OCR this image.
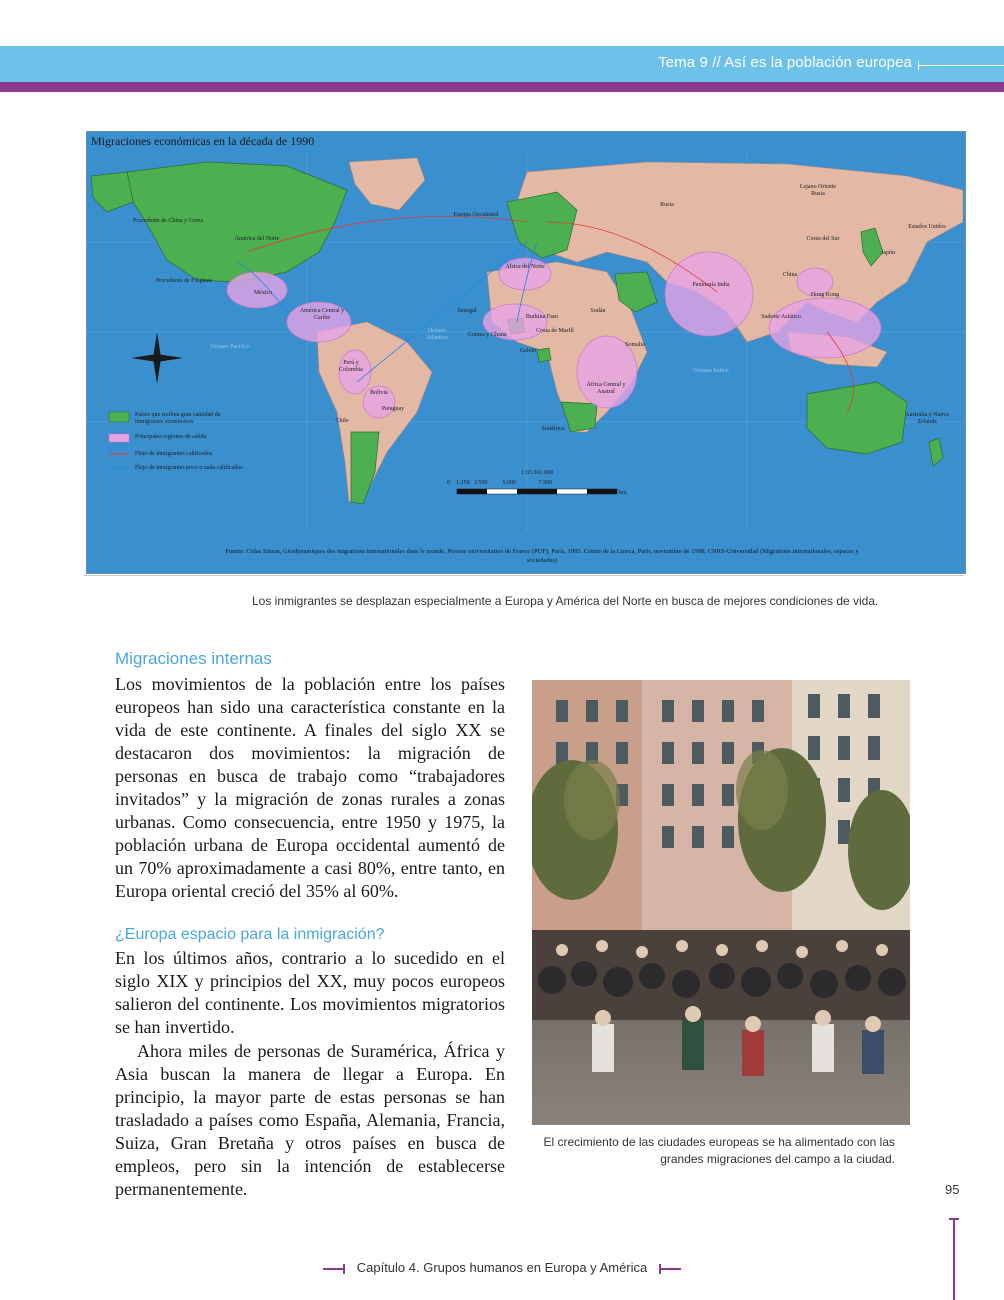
Tema 9 // Así es la población europea
Migraciones económicas en la década de 1990
Procedente de China y Corea
América del Norte
Procedente de Filipinas
México
América Central y Caribe
Océano Pacífico
Perú y Colombia
Bolivia
Paraguay
Chile
Europa Occidental
África del Norte
Senegal
Burkina Faso
Costa de Marfil
Guinea y Ghana
Gabón
Sudán
Somalia
África Central y Austral
Sudáfrica
Océano Atlántico
Rusia
Lejano Oriente Rusia
China
Corea del Sur
Japón
Península India
Hong Kong
Sudeste Asiático
Océano Índico
Australia y Nueva Zelanda
Estados Unidos
Países que reciben gran cantidad de inmigrantes económicos
Principales regiones de salida
Flujo de inmigrantes calificados
Flujo de inmigrantes poco o nada calificados
1:03.361.000
0    1.250   2.500          5.000               7.500
km
Fuente: Cidas Simon, Géodynamiques des migrations internationales dans le monde, Presses universitaires de France (PUF), París, 1995. Centre de la Lineca, París, noviembre de 1998; CNRS-Universidad (Migrations internationales, espaces y sociedades)
Los inmigrantes se desplazan especialmente a Europa y América del Norte en busca de mejores condiciones de vida.
Migraciones internas
Los movimientos de la población entre los países europeos han sido una característica constante en la vida de este continente. A finales del siglo XX se destacaron dos movimientos: la migración de personas en busca de trabajo como “trabajadores invitados” y la migración de zonas rurales a zonas urbanas. Como consecuencia, entre 1950 y 1975, la población urbana de Europa occidental aumentó de un 70% aproximadamente a casi 80%, entre tanto, en Europa oriental creció del 35% al 60%.
¿Europa espacio para la inmigración?
En los últimos años, contrario a lo sucedido en el siglo XIX y principios del XX, muy pocos europeos salieron del continente. Los movimientos migratorios se han invertido.
Ahora miles de personas de Suramérica, África y Asia buscan la manera de llegar a Europa. En principio, la mayor parte de estas personas se han trasladado a países como España, Alemania, Francia, Suiza, Gran Bretaña y otros países en busca de empleos, pero sin la intención de establecerse permanentemente.
El crecimiento de las ciudades europeas se ha alimentado con las grandes migraciones del campo a la ciudad.
95
Capítulo 4. Grupos humanos en Europa y América
